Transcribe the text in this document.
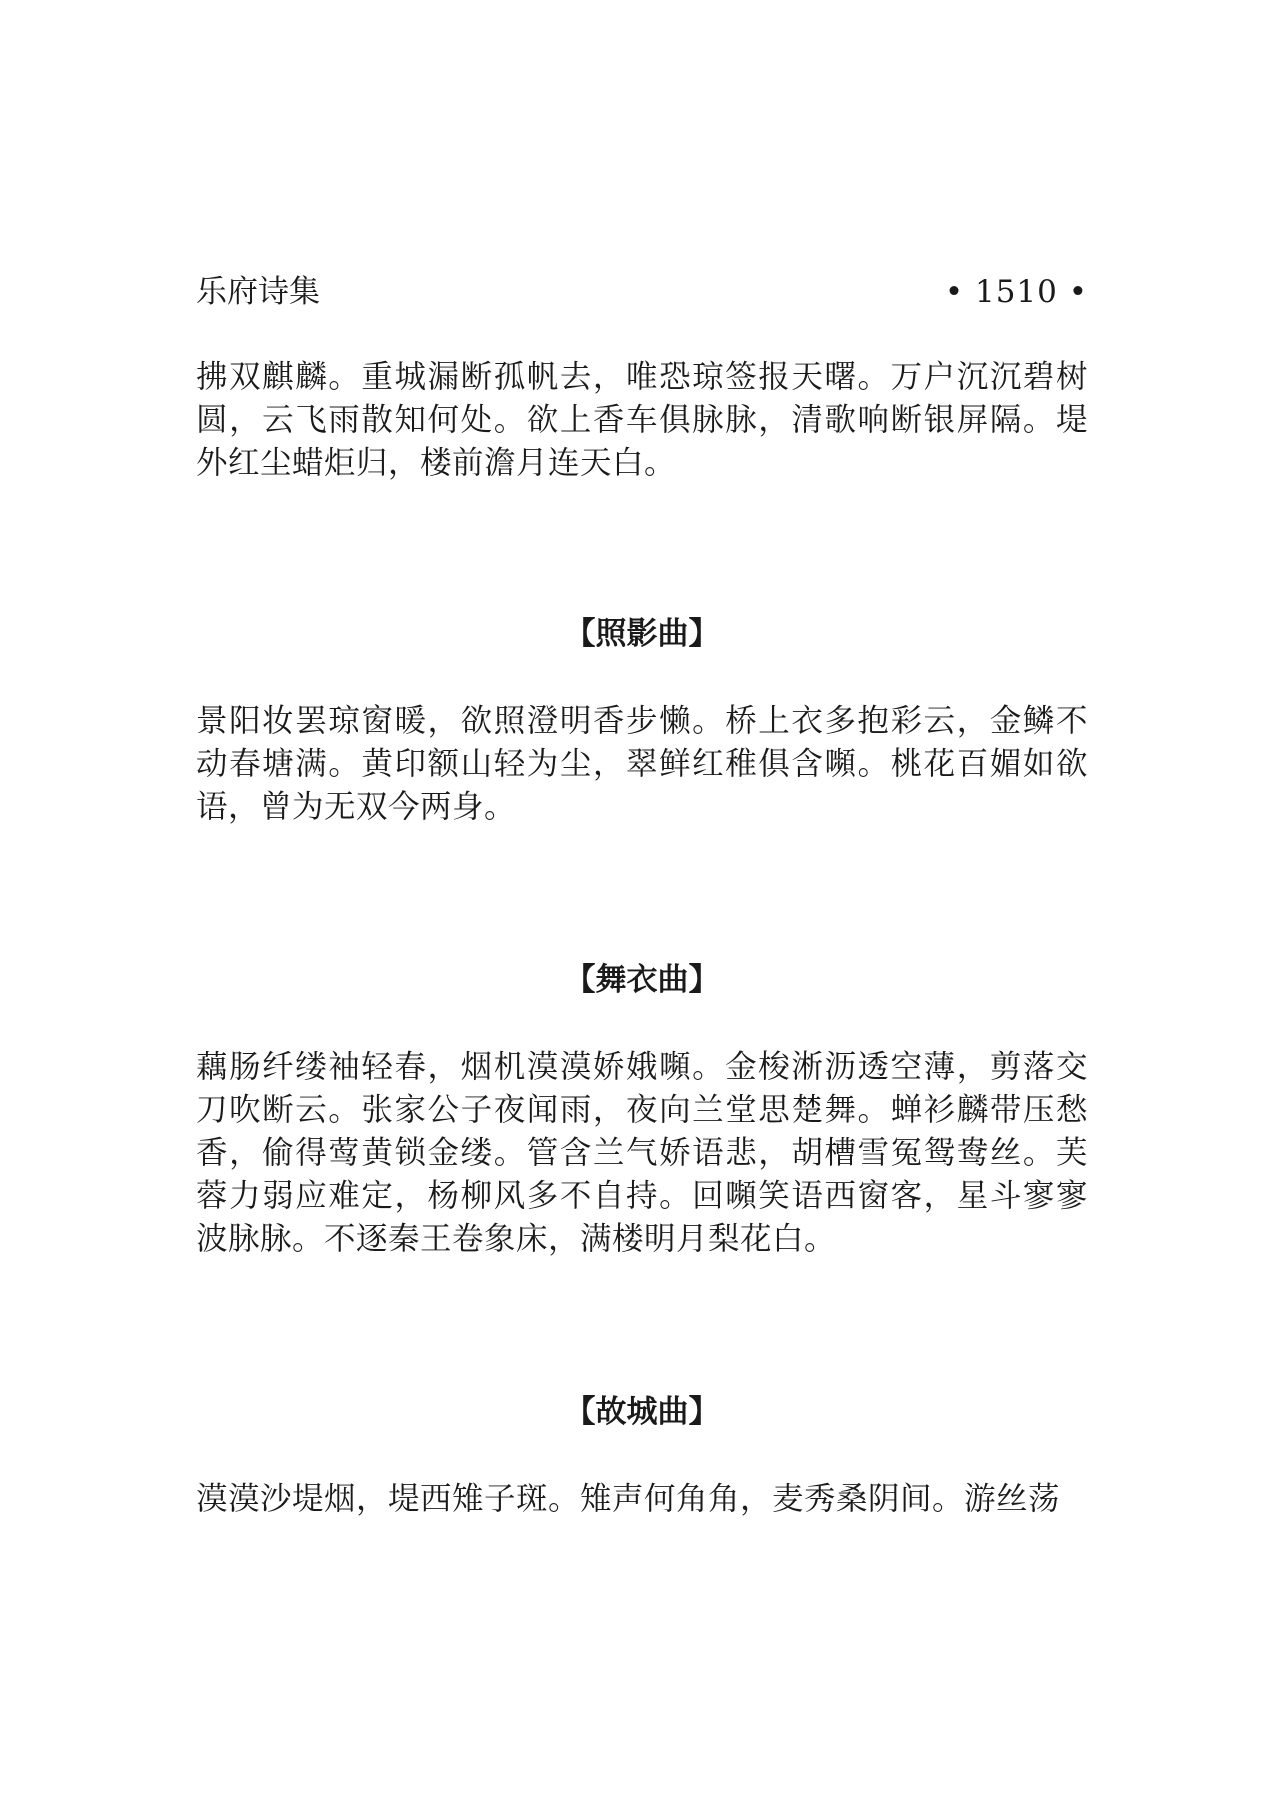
乐府诗集	• 1510 •

拂双麒麟。重城漏断孤帆去，唯恐琼签报天曙。万户沉沉碧树圆，云飞雨散知何处。欲上香车俱脉脉，清歌响断银屏隔。堤外红尘蜡炬归，楼前澹月连天白。

【照影曲】

景阳妆罢琼窗暖，欲照澄明香步懒。桥上衣多抱彩云，金鳞不动春塘满。黄印额山轻为尘，翠鲜红稚俱含嚬。桃花百媚如欲语，曾为无双今两身。

【舞衣曲】

藕肠纤缕袖轻春，烟机漠漠娇娥嚬。金梭淅沥透空薄，剪落交刀吹断云。张家公子夜闻雨，夜向兰堂思楚舞。蝉衫麟带压愁香，偷得莺黄锁金缕。管含兰气娇语悲，胡槽雪冤鸳鸯丝。芙蓉力弱应难定，杨柳风多不自持。回嚬笑语西窗客，星斗寥寥波脉脉。不逐秦王卷象床，满楼明月梨花白。

【故城曲】

漠漠沙堤烟，堤西雉子斑。雉声何角角，麦秀桑阴间。游丝荡
